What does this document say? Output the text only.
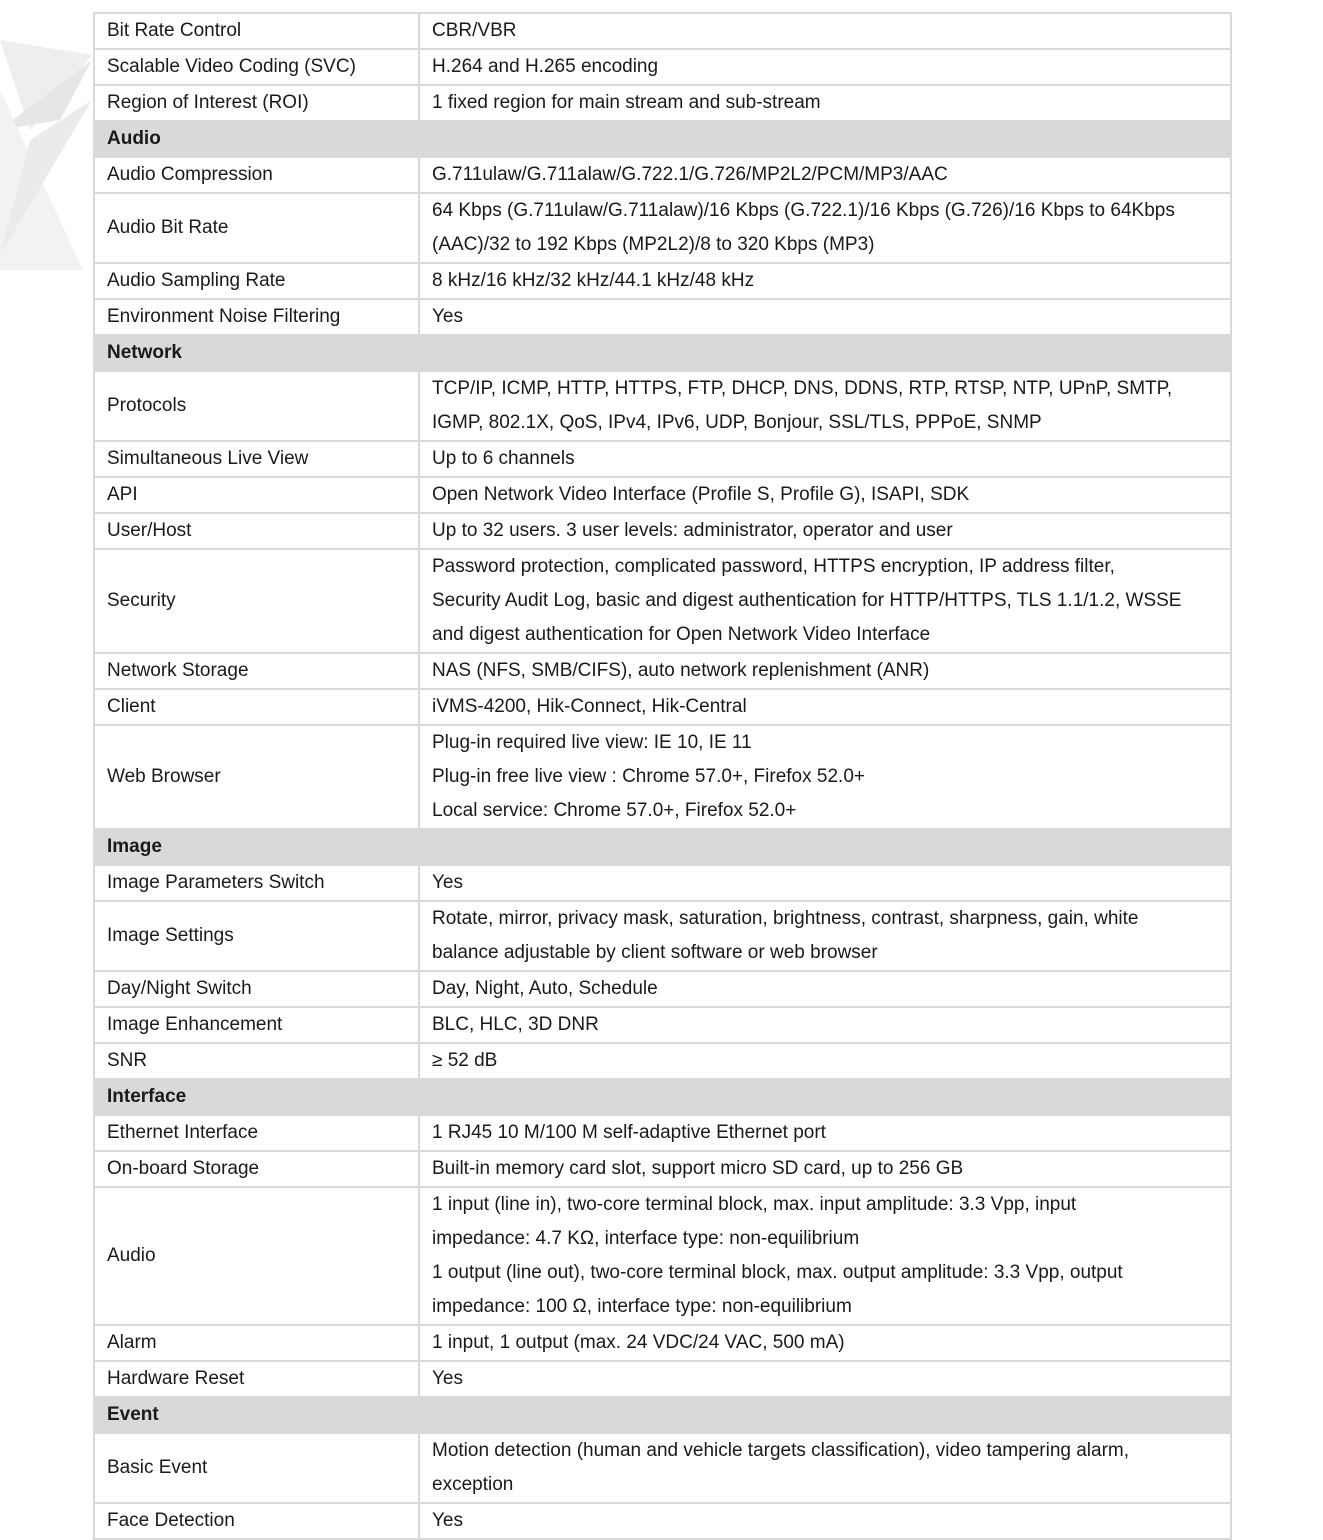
Bit Rate Control	CBR/VBR

Scalable Video Coding (SVC)	H.264 and H.265 encoding

Region of Interest (ROI)	1 fixed region for main stream and sub-stream

Audio	
Audio Compression	G.711ulaw/G.711alaw/G.722.1/G.726/MP2L2/PCM/MP3/AAC

Audio Bit Rate	64 Kbps (G.711ulaw/G.711alaw)/16 Kbps (G.722.1)/16 Kbps (G.726)/16 Kbps to 64Kbps
(AAC)/32 to 192 Kbps (MP2L2)/8 to 320 Kbps (MP3)

Audio Sampling Rate	8 kHz/16 kHz/32 kHz/44.1 kHz/48 kHz

Environment Noise Filtering	Yes

Network	
Protocols	TCP/IP, ICMP, HTTP, HTTPS, FTP, DHCP, DNS, DDNS, RTP, RTSP, NTP, UPnP, SMTP,
IGMP, 802.1X, QoS, IPv4, IPv6, UDP, Bonjour, SSL/TLS, PPPoE, SNMP

Simultaneous Live View	Up to 6 channels

API	Open Network Video Interface (Profile S, Profile G), ISAPI, SDK

User/Host	Up to 32 users. 3 user levels: administrator, operator and user

Security	Password protection, complicated password, HTTPS encryption, IP address filter,
Security Audit Log, basic and digest authentication for HTTP/HTTPS, TLS 1.1/1.2, WSSE
and digest authentication for Open Network Video Interface

Network Storage	NAS (NFS, SMB/CIFS), auto network replenishment (ANR)

Client	iVMS-4200, Hik-Connect, Hik-Central

Web Browser	Plug-in required live view: IE 10, IE 11
Plug-in free live view : Chrome 57.0+, Firefox 52.0+
Local service: Chrome 57.0+, Firefox 52.0+

Image	
Image Parameters Switch	Yes

Image Settings	Rotate, mirror, privacy mask, saturation, brightness, contrast, sharpness, gain, white
balance adjustable by client software or web browser

Day/Night Switch	Day, Night, Auto, Schedule

Image Enhancement	BLC, HLC, 3D DNR

SNR	≥ 52 dB

Interface	
Ethernet Interface	1 RJ45 10 M/100 M self-adaptive Ethernet port

On-board Storage	Built-in memory card slot, support micro SD card, up to 256 GB

Audio	1 input (line in), two-core terminal block, max. input amplitude: 3.3 Vpp, input
impedance: 4.7 KΩ, interface type: non-equilibrium
1 output (line out), two-core terminal block, max. output amplitude: 3.3 Vpp, output
impedance: 100 Ω, interface type: non-equilibrium

Alarm	1 input, 1 output (max. 24 VDC/24 VAC, 500 mA)

Hardware Reset	Yes

Event	
Basic Event	Motion detection (human and vehicle targets classification), video tampering alarm,
exception

Face Detection	Yes
